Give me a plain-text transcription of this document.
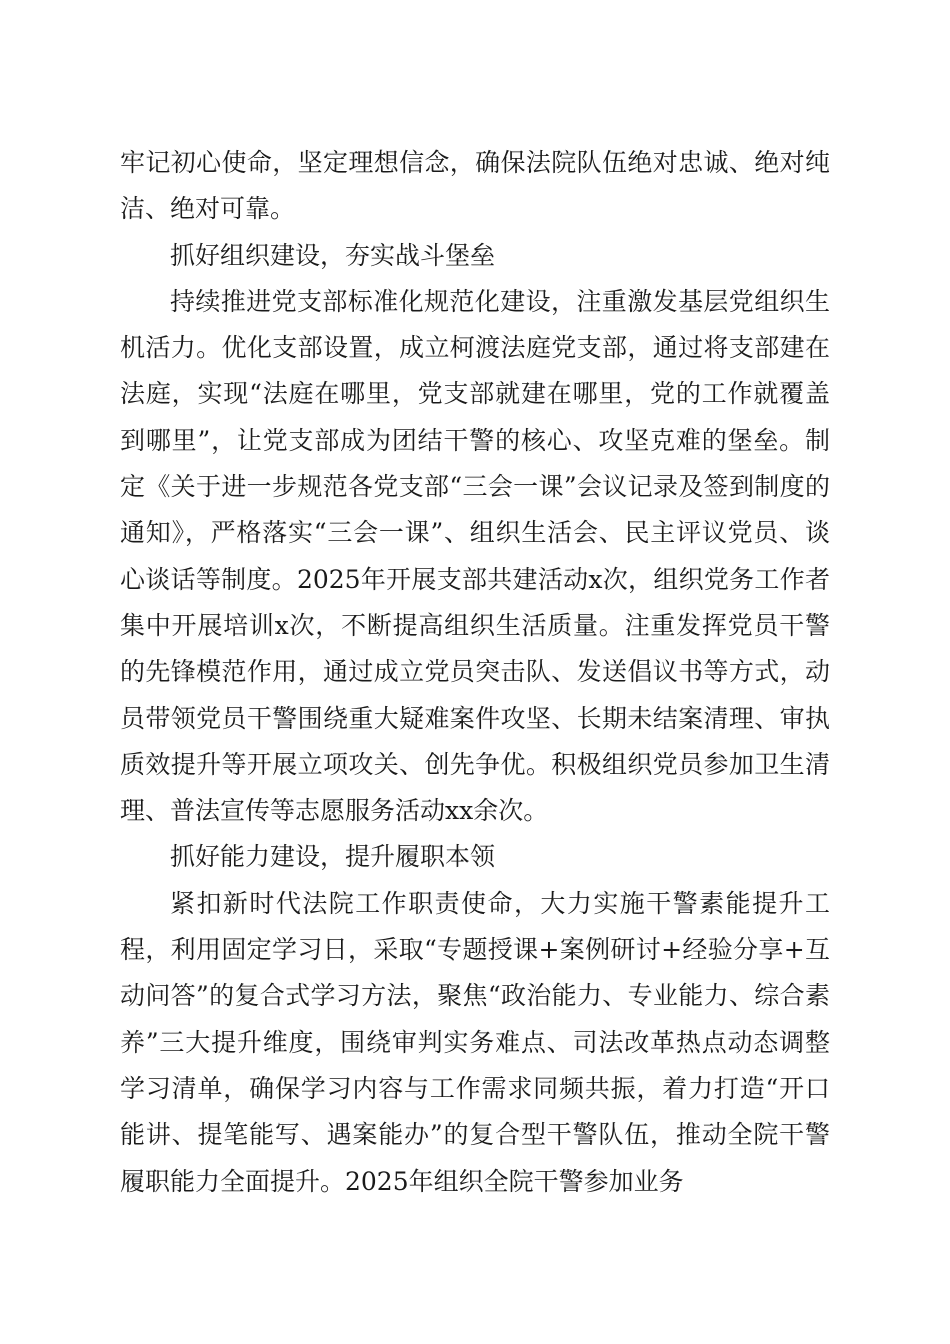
牢记初心使命，坚定理想信念，确保法院队伍绝对忠诚、绝对纯洁、绝对可靠。

抓好组织建设，夯实战斗堡垒

持续推进党支部标准化规范化建设，注重激发基层党组织生机活力。优化支部设置，成立柯渡法庭党支部，通过将支部建在法庭，实现“法庭在哪里，党支部就建在哪里，党的工作就覆盖到哪里”，让党支部成为团结干警的核心、攻坚克难的堡垒。制定《关于进一步规范各党支部“三会一课”会议记录及签到制度的通知》，严格落实“三会一课”、组织生活会、民主评议党员、谈心谈话等制度。2025年开展支部共建活动x次，组织党务工作者集中开展培训x次，不断提高组织生活质量。注重发挥党员干警的先锋模范作用，通过成立党员突击队、发送倡议书等方式，动员带领党员干警围绕重大疑难案件攻坚、长期未结案清理、审执质效提升等开展立项攻关、创先争优。积极组织党员参加卫生清理、普法宣传等志愿服务活动xx余次。

抓好能力建设，提升履职本领

紧扣新时代法院工作职责使命，大力实施干警素能提升工程，利用固定学习日，采取“专题授课+案例研讨+经验分享+互动问答”的复合式学习方法，聚焦“政治能力、专业能力、综合素养”三大提升维度，围绕审判实务难点、司法改革热点动态调整学习清单，确保学习内容与工作需求同频共振，着力打造“开口能讲、提笔能写、遇案能办”的复合型干警队伍，推动全院干警履职能力全面提升。2025年组织全院干警参加业务
